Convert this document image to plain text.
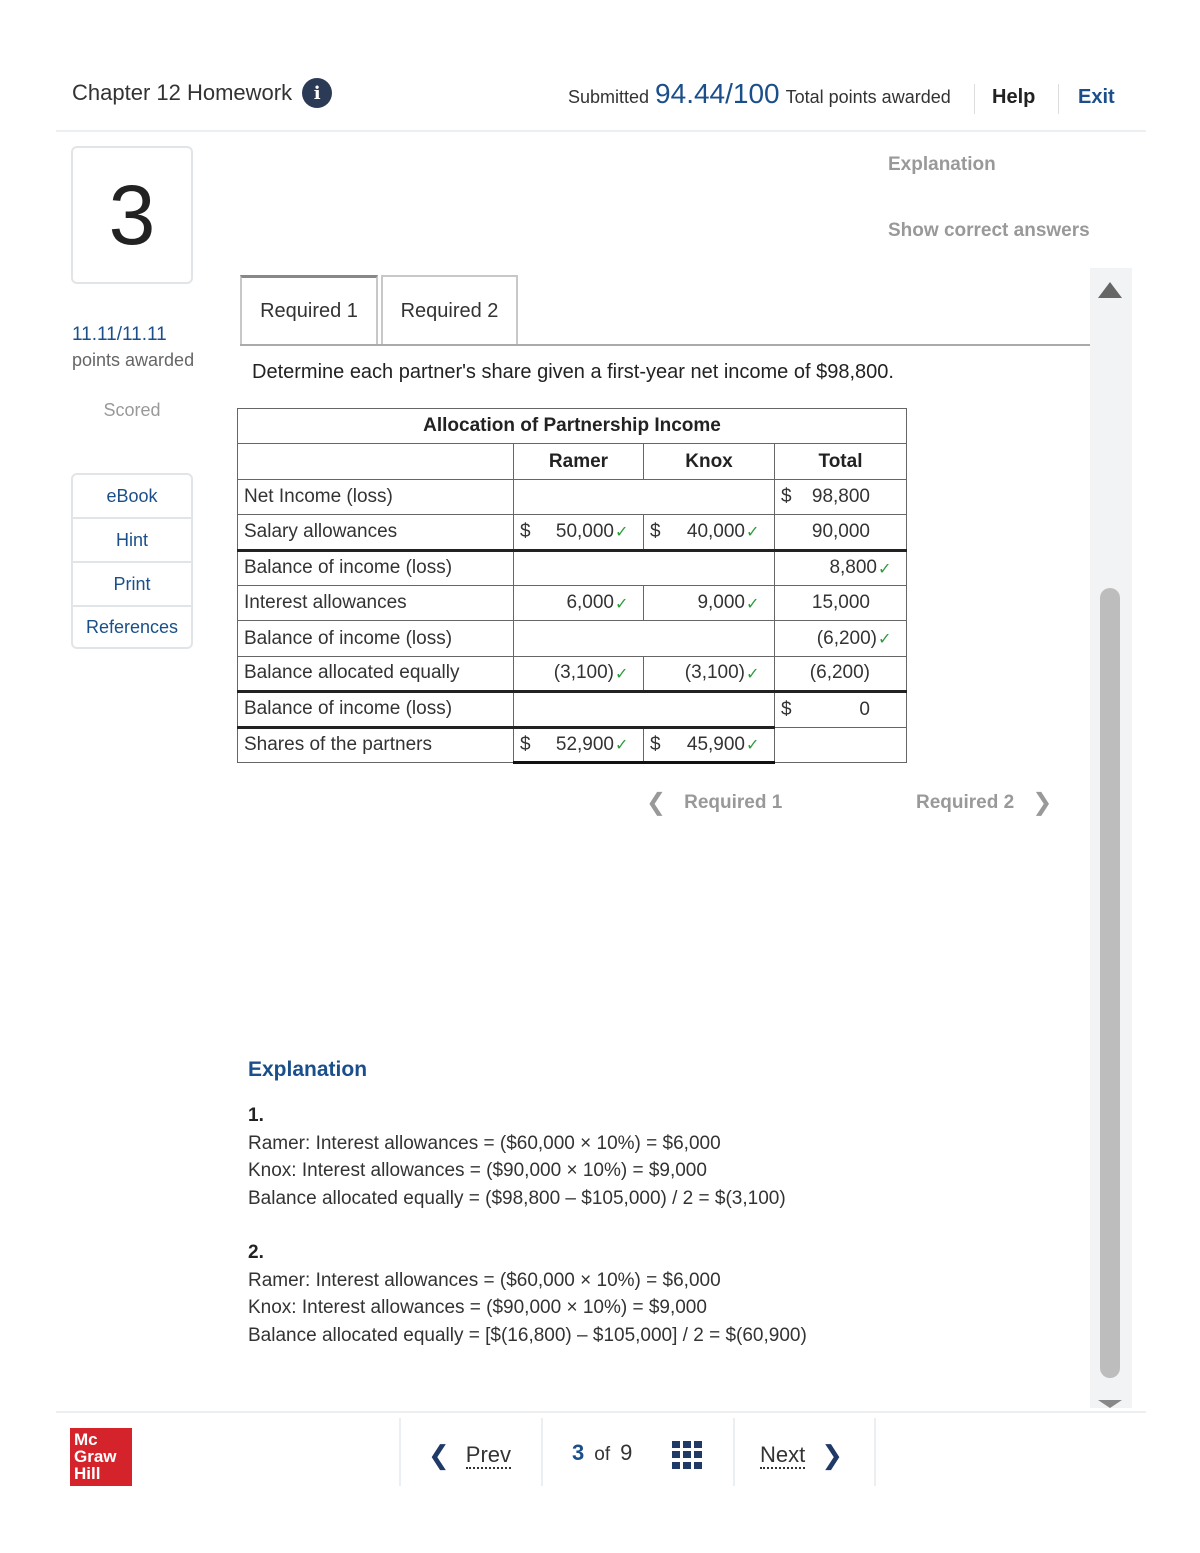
Chapter 12 Homework	i	Submitted 94.44/100 Total points awarded Help Exit
3
11.11/11.11
points awarded
Scored
eBook
Hint
Print
References
Explanation
Show correct answers
Required 1	Required 2
Determine each partner's share given a first-year net income of $98,800.
Allocation of Partnership Income			
	Ramer	Knox	Total
Net Income (loss)			$ 98,800

Salary allowances	$ 50,000 ✓	$ 40,000 ✓	90,000

Balance of income (loss)			8,800 ✓

Interest allowances	6,000 ✓	9,000 ✓	15,000

Balance of income (loss)			(6,200) ✓

Balance allocated equally	(3,100) ✓	(3,100) ✓	(6,200)

Balance of income (loss)			$ 0

Shares of the partners	$ 52,900 ✓	$ 45,900 ✓	

❮ Required 1	Required 2 ❯
Explanation
1.
Ramer: Interest allowances = ($60,000 × 10%) = $6,000
Knox: Interest allowances = ($90,000 × 10%) = $9,000
Balance allocated equally = ($98,800 – $105,000) / 2 = $(3,100)
2.
Ramer: Interest allowances = ($60,000 × 10%) = $6,000
Knox: Interest allowances = ($90,000 × 10%) = $9,000
Balance allocated equally = [$(16,800) – $105,000] / 2 = $(60,900)
Mc
Graw
Hill
❮ Prev	3 of 9	Next ❯
